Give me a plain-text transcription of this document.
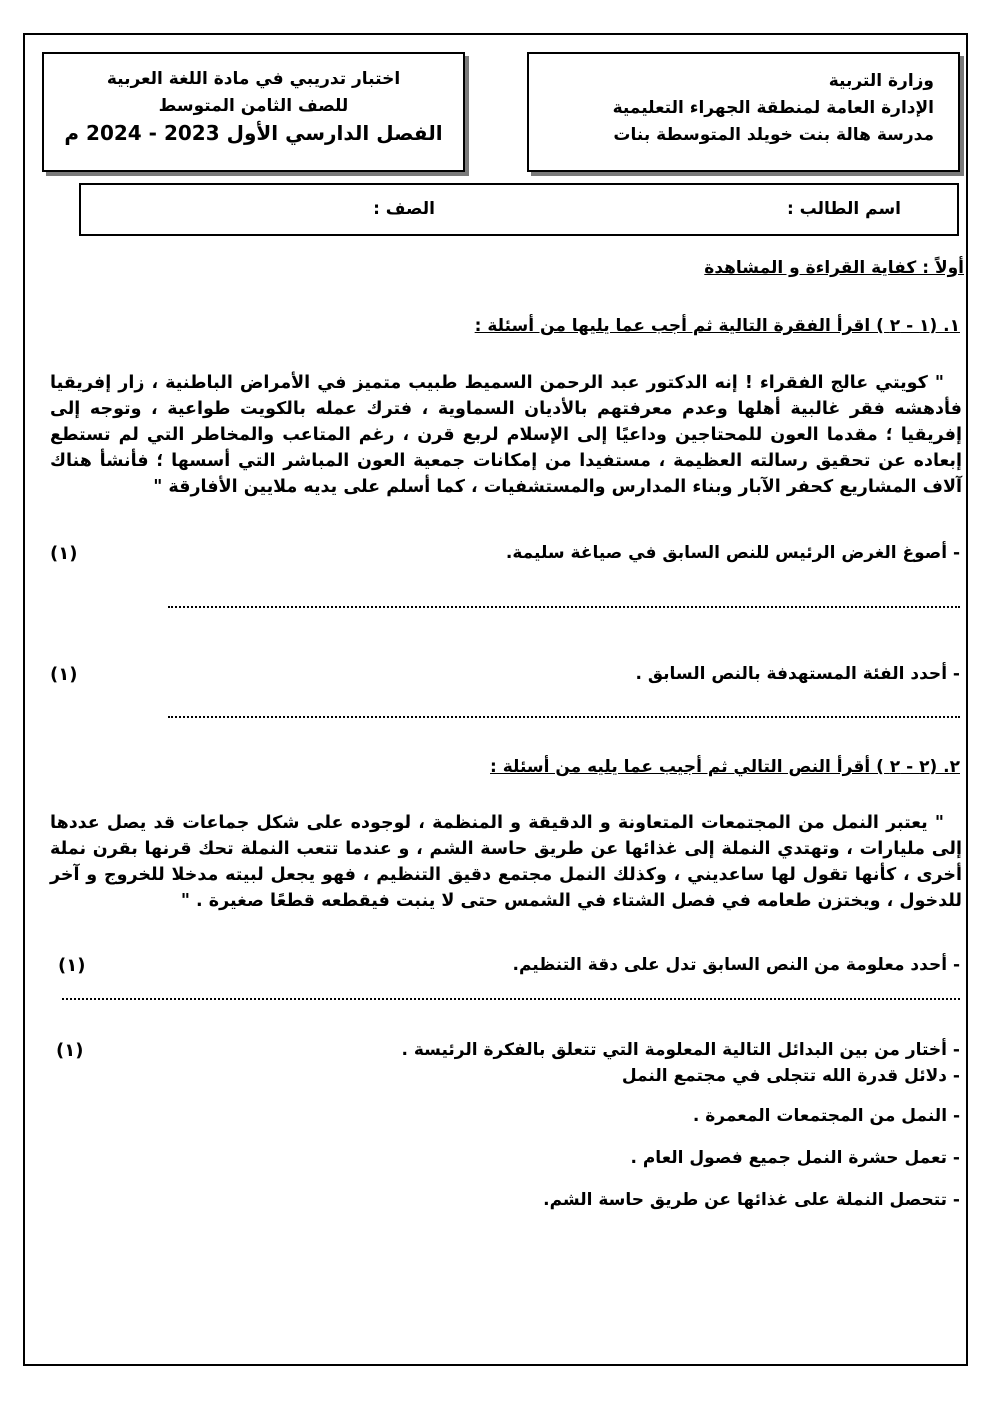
وزارة التربية
الإدارة العامة لمنطقة الجهراء التعليمية
مدرسة هالة بنت خويلد المتوسطة بنات
اختبار تدريبي في مادة اللغة العربية
للصف الثامن المتوسط
الفصل الدارسي الأول 2023 - 2024 م
اسم الطالب :
الصف :
أولاً : كفاية القراءة و المشاهدة
١. (١ - ٢ ) اقرأ الفقرة التالية ثم أجب عما يليها من أسئلة :
" كويتي عالج الفقراء ! إنه الدكتور عبد الرحمن السميط طبيب متميز في الأمراض الباطنية ، زار إفريقيا فأدهشه فقر غالبية أهلها وعدم معرفتهم بالأديان السماوية ، فترك عمله بالكويت طواعية ، وتوجه إلى إفريقيا ؛ مقدما العون للمحتاجين وداعيًا إلى الإسلام لربع قرن ، رغم المتاعب والمخاطر التي لم تستطع إبعاده عن تحقيق رسالته العظيمة ، مستفيدا من إمكانات جمعية العون المباشر التي أسسها ؛ فأنشأ هناك آلاف المشاريع كحفر الآبار وبناء المدارس والمستشفيات ، كما أسلم على يديه ملايين الأفارقة "
- أصوغ الغرض الرئيس للنص السابق في صياغة سليمة.
(١)
- أحدد الفئة المستهدفة بالنص السابق .
(١)
٢. (٢ - ٢ ) أقرأ النص التالي ثم أجيب عما يليه من أسئلة :
" يعتبر النمل من المجتمعات المتعاونة و الدقيقة و المنظمة ، لوجوده على شكل جماعات قد يصل عددها إلى مليارات ، وتهتدي النملة إلى غذائها عن طريق حاسة الشم ، و عندما تتعب النملة تحك قرنها بقرن نملة أخرى ، كأنها تقول لها ساعديني ، وكذلك النمل مجتمع دقيق التنظيم ، فهو يجعل لبيته مدخلا للخروج و آخر للدخول ، ويختزن طعامه في فصل الشتاء في الشمس حتى لا ينبت فيقطعه قطعًا صغيرة . "
- أحدد معلومة من النص السابق تدل على دقة التنظيم.
(١)
- أختار من بين البدائل التالية المعلومة التي تتعلق بالفكرة الرئيسة .
(١)
- دلائل قدرة الله تتجلى في مجتمع النمل
- النمل من المجتمعات المعمرة .
- تعمل حشرة النمل جميع فصول العام .
- تتحصل النملة على غذائها عن طريق حاسة الشم.
